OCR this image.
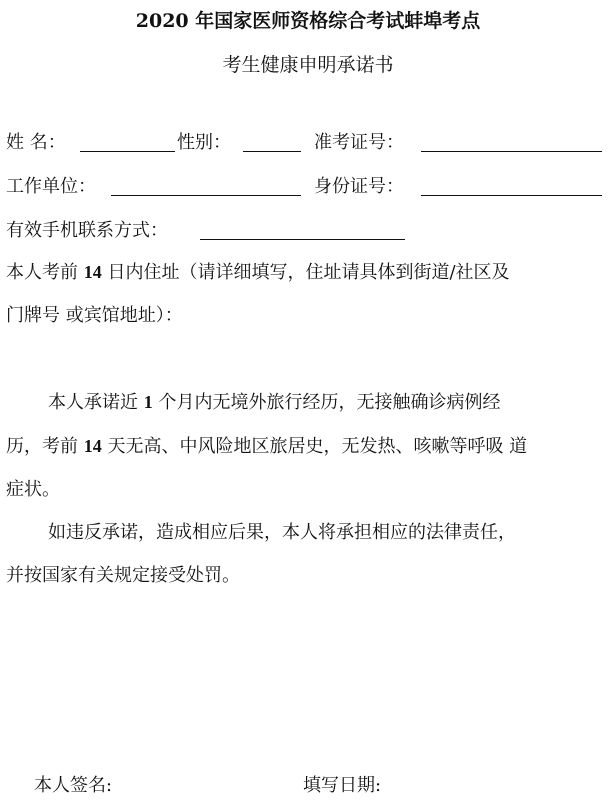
2020 年国家医师资格综合考试蚌埠考点
考生健康申明承诺书
姓 名：	性别：	准考证号：
工作单位：	身份证号：
有效手机联系方式：
本人考前 14 日内住址（请详细填写，住址请具体到街道/社区及
门牌号 或宾馆地址）：
本人承诺近 1 个月内无境外旅行经历，无接触确诊病例经
历，考前 14 天无高、中风险地区旅居史，无发热、咳嗽等呼吸 道
症状。
如违反承诺，造成相应后果，本人将承担相应的法律责任，
并按国家有关规定接受处罚。
本人签名:	填写日期:
